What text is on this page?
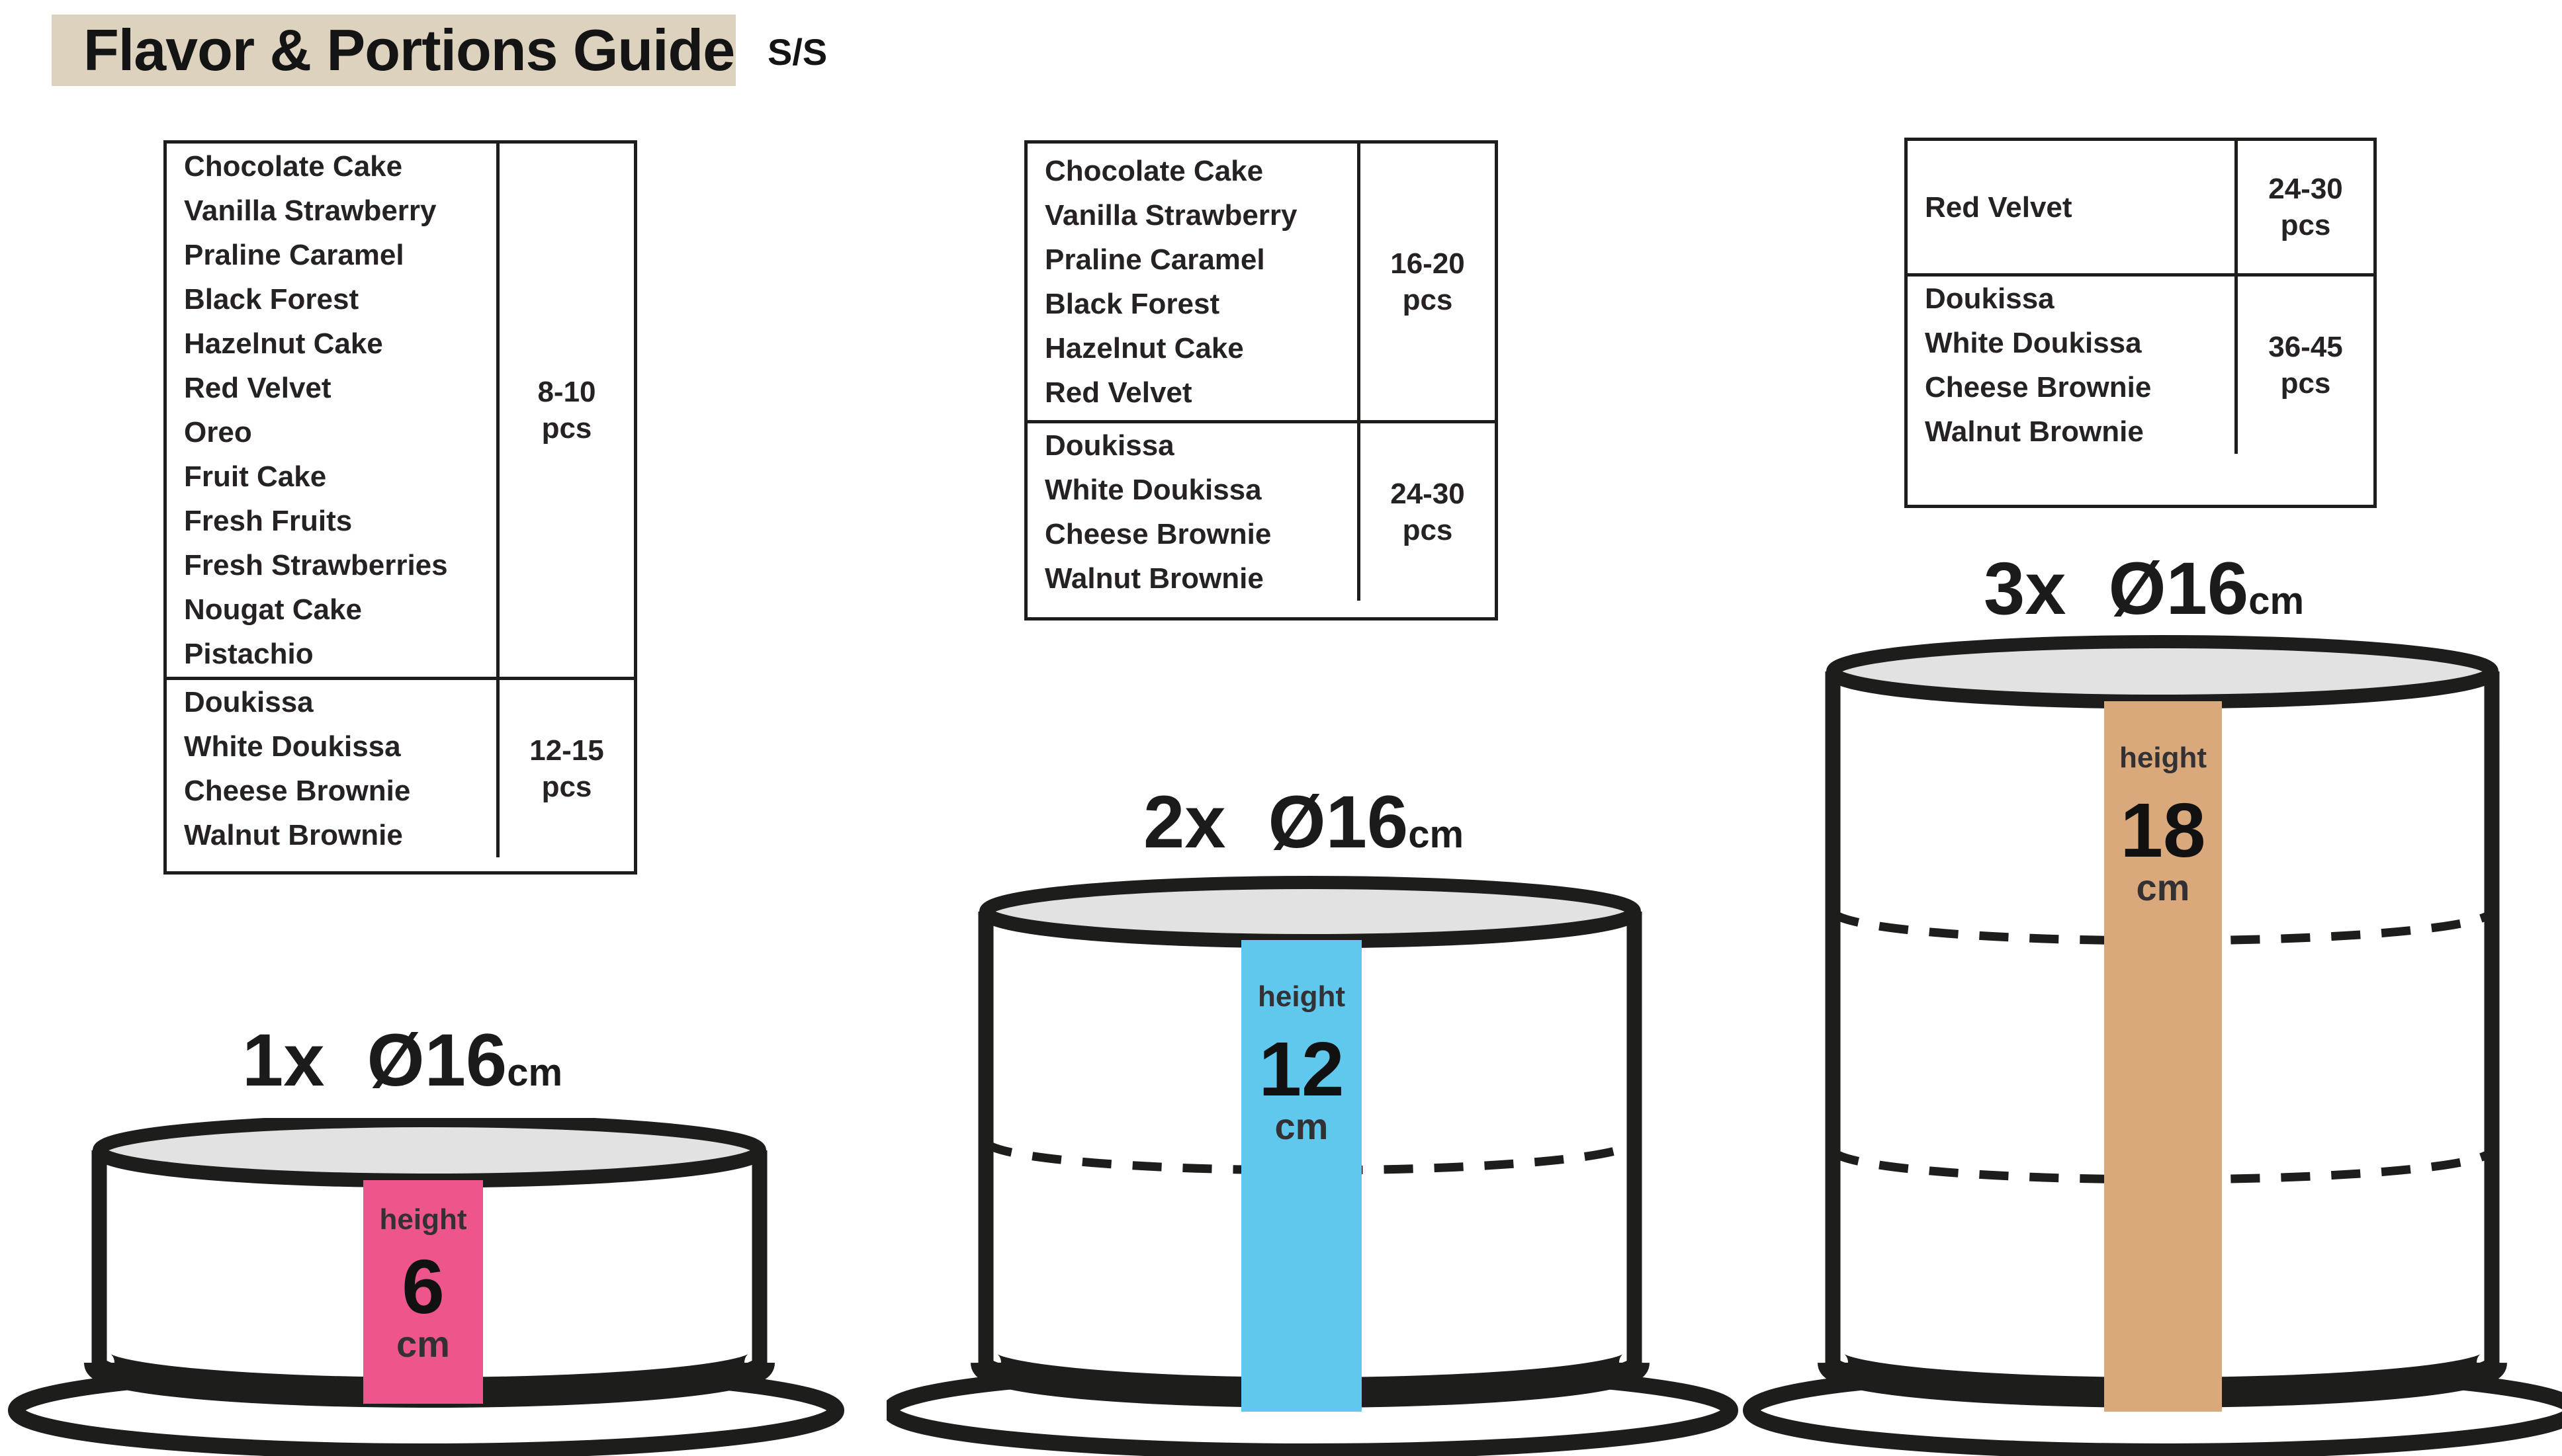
Flavor & Portions Guide S/S
Chocolate Cake
Vanilla Strawberry
Praline Caramel
Black Forest
Hazelnut Cake
Red Velvet
Oreo
Fruit Cake
Fresh Fruits
Fresh Strawberries
Nougat Cake
Pistachio
8-10
pcs
Doukissa
White Doukissa
Cheese Brownie
Walnut Brownie
12-15
pcs
Chocolate Cake
Vanilla Strawberry
Praline Caramel
Black Forest
Hazelnut Cake
Red Velvet
16-20
pcs
Doukissa
White Doukissa
Cheese Brownie
Walnut Brownie
24-30
pcs
Red Velvet
24-30
pcs
Doukissa
White Doukissa
Cheese Brownie
Walnut Brownie
36-45
pcs
height
6
cm
height
12
cm
height
18
cm
1x Ø16 cm
2x Ø16 cm
3x Ø16 cm
